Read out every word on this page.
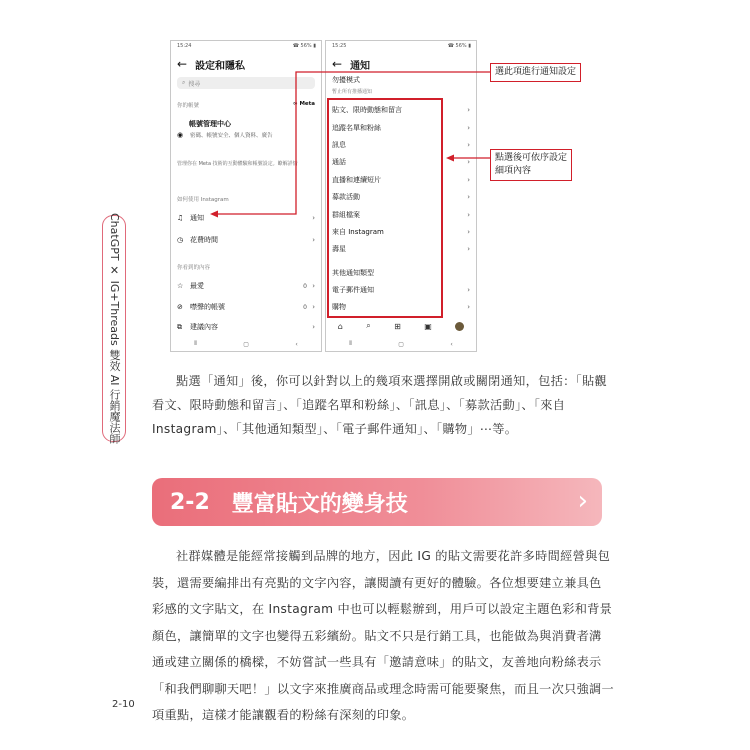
ChatGPT ✕ IG+Threads 雙效 AI 行銷魔法師
15:24	☎ 56% ▮
← 設定和隱私
⌕ 搜尋
你的帳號	∞ Meta
帳號管理中心
◉	密碼、帳號安全、個人資料、廣告
管理你在 Meta 技術的互動體驗和帳號設定。瞭解詳情
如何使用 Instagram
♫ 通知	›
◷ 花費時間	›
你看到的內容
☆ 最愛	0 ›
⊘	噤聲的帳號	0 ›
⧉	建議內容	›
⦀	▢	‹
15:25	☎ 56% ▮
← 通知
勿擾模式
暫止所有推播通知
貼文、限時動態和留言	›
追蹤名單和粉絲	›
訊息	›
通話	›
直播和連續短片	›
募款活動	›
群組檔案	›
來自 Instagram	›
壽星	›
其他通知類型
電子郵件通知	›
購物	›
⌂	⌕	⊞	▣
⦀	▢	‹
選此項進行通知設定
點選後可依序設定
細項內容
點選「通知」後，你可以針對以上的幾項來選擇開啟或關閉通知，包括：「貼觀
看文、限時動態和留言」、「追蹤名單和粉絲」、「訊息」、「募款活動」、「來自
Instagram」、「其他通知類型」、「電子郵件通知」、「購物」⋯等。
2-2 豐富貼文的變身技	›
社群媒體是能經常接觸到品牌的地方，因此 IG 的貼文需要花許多時間經營與包
裝，還需要編排出有亮點的文字內容，讓閱讀有更好的體驗。各位想要建立兼具色
彩感的文字貼文，在 Instagram 中也可以輕鬆辦到，用戶可以設定主題色彩和背景
顏色，讓簡單的文字也變得五彩繽紛。貼文不只是行銷工具，也能做為與消費者溝
通或建立關係的橋樑，不妨嘗試一些具有「邀請意味」的貼文，友善地向粉絲表示
「和我們聊聊天吧！」以文字來推廣商品或理念時需可能要聚焦，而且一次只強調一
項重點，這樣才能讓觀看的粉絲有深刻的印象。
2-10
